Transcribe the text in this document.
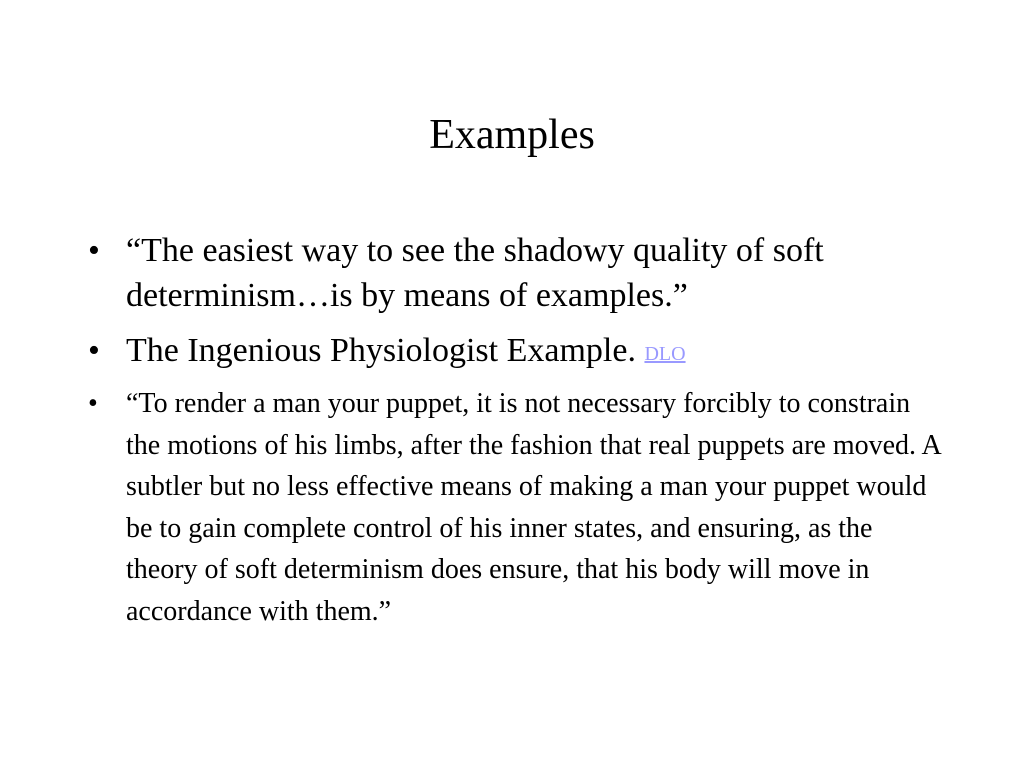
Examples
• “The easiest way to see the shadowy quality of soft determinism…is by means of examples.”
• The Ingenious Physiologist Example. DLO
• “To render a man your puppet, it is not necessary forcibly to constrain the motions of his limbs, after the fashion that real puppets are moved. A subtler but no less effective means of making a man your puppet would be to gain complete control of his inner states, and ensuring, as the theory of soft determinism does ensure, that his body will move in accordance with them.”
